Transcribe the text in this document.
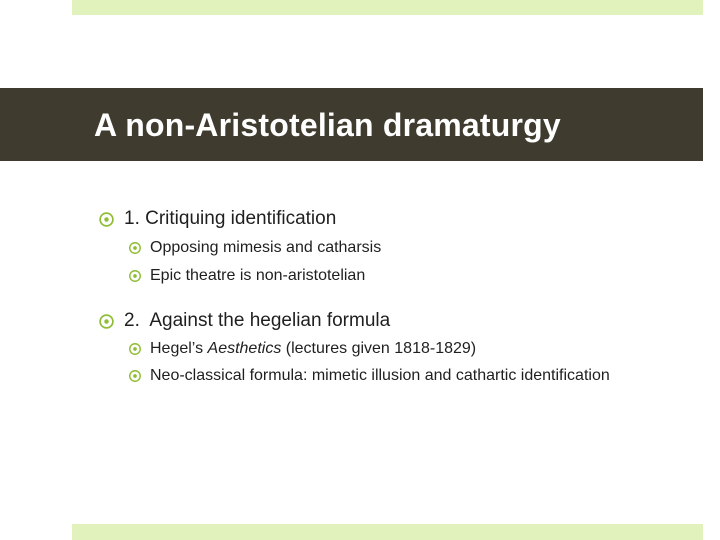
A non-Aristotelian dramaturgy
1. Critiquing identification
Opposing mimesis and catharsis
Epic theatre is non-aristotelian
2.  Against the hegelian formula
Hegel’s Aesthetics (lectures given 1818-1829)
Neo-classical formula: mimetic illusion and cathartic identification
